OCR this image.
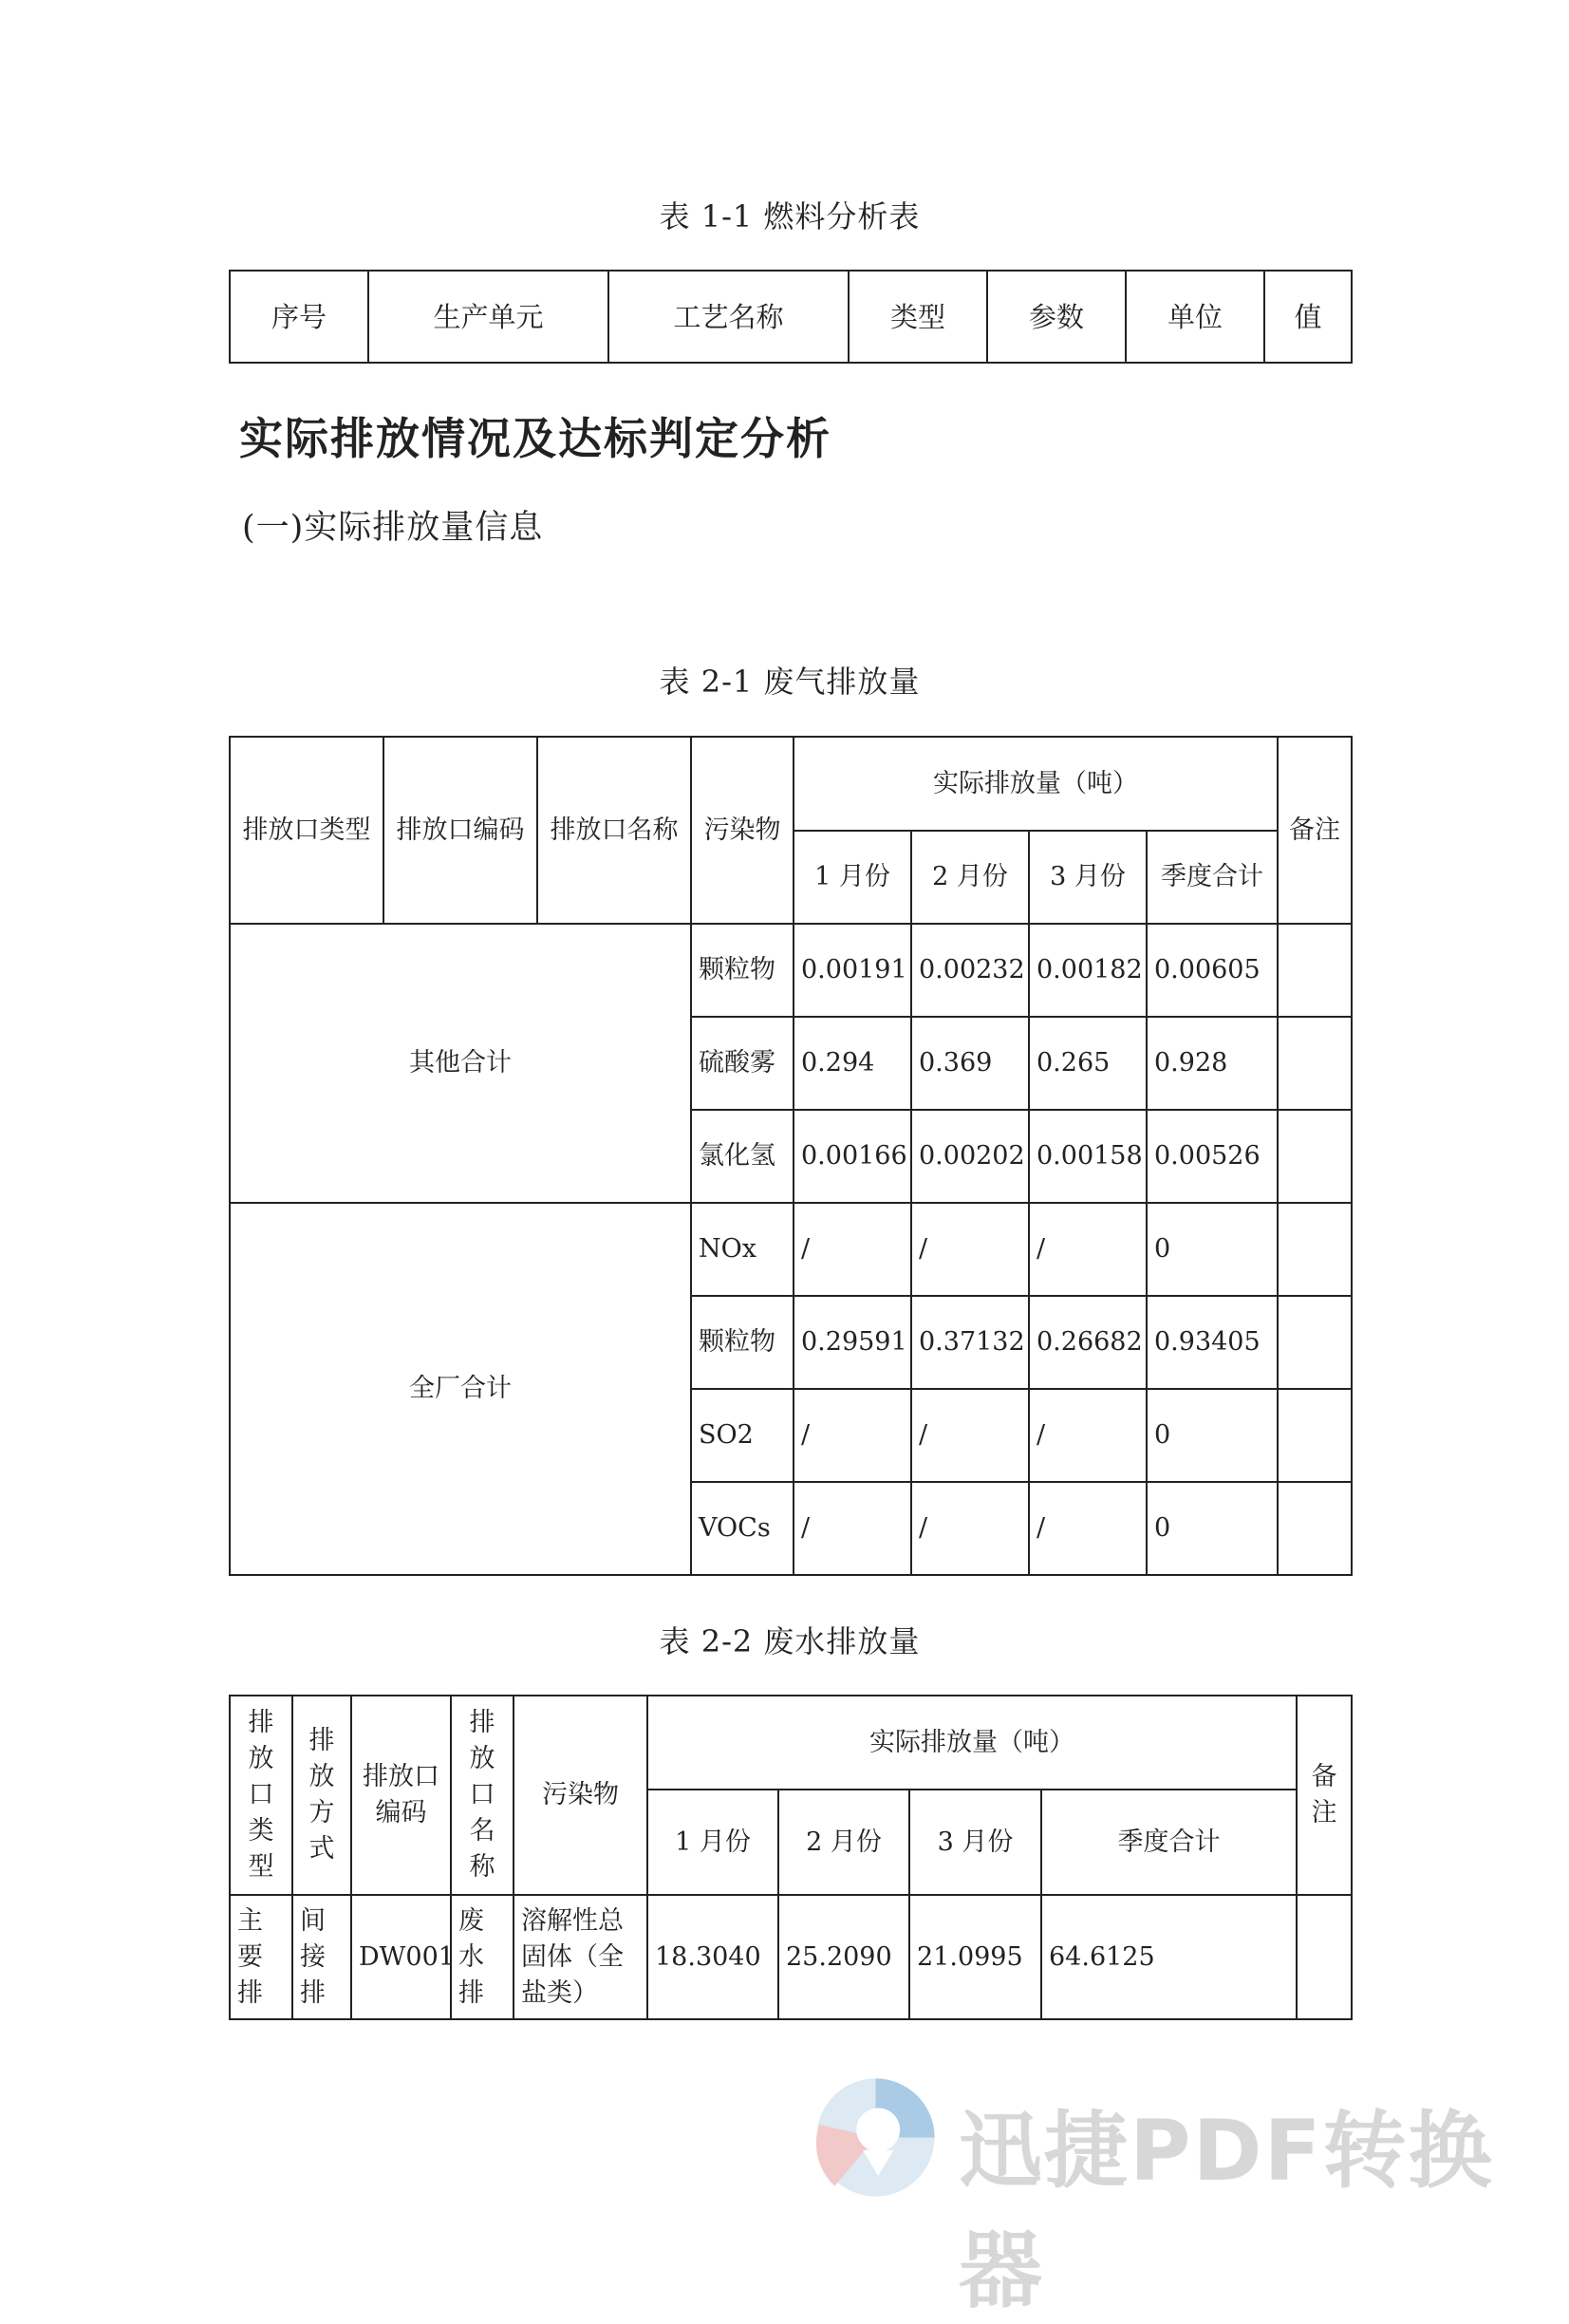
表 1-1 燃料分析表
序号	生产单元	工艺名称	类型	参数	单位	值
实际排放情况及达标判定分析
(一)实际排放量信息
表 2-1 废气排放量
排放口类型	排放口编码	排放口名称	污染物	实际排放量（吨）				备注
				1 月份	2 月份	3 月份	季度合计	
其他合计			颗粒物	0.00191	0.00232	0.00182	0.00605	
			硫酸雾	0.294	0.369	0.265	0.928	
			氯化氢	0.00166	0.00202	0.00158	0.00526	
全厂合计			NOx	/	/	/	0	
			颗粒物	0.29591	0.37132	0.26682	0.93405	
			SO2	/	/	/	0	
			VOCs	/	/	/	0	
表 2-2 废水排放量
排放口类型	排放方式	排放口编码	排放口名称	污染物	实际排放量（吨）				备注
					1 月份	2 月份	3 月份	季度合计	
主要排	间接排	DW001	废水排	溶解性总固体（全盐类）	18.3040	25.2090	21.0995	64.6125	
迅捷PDF转换器
